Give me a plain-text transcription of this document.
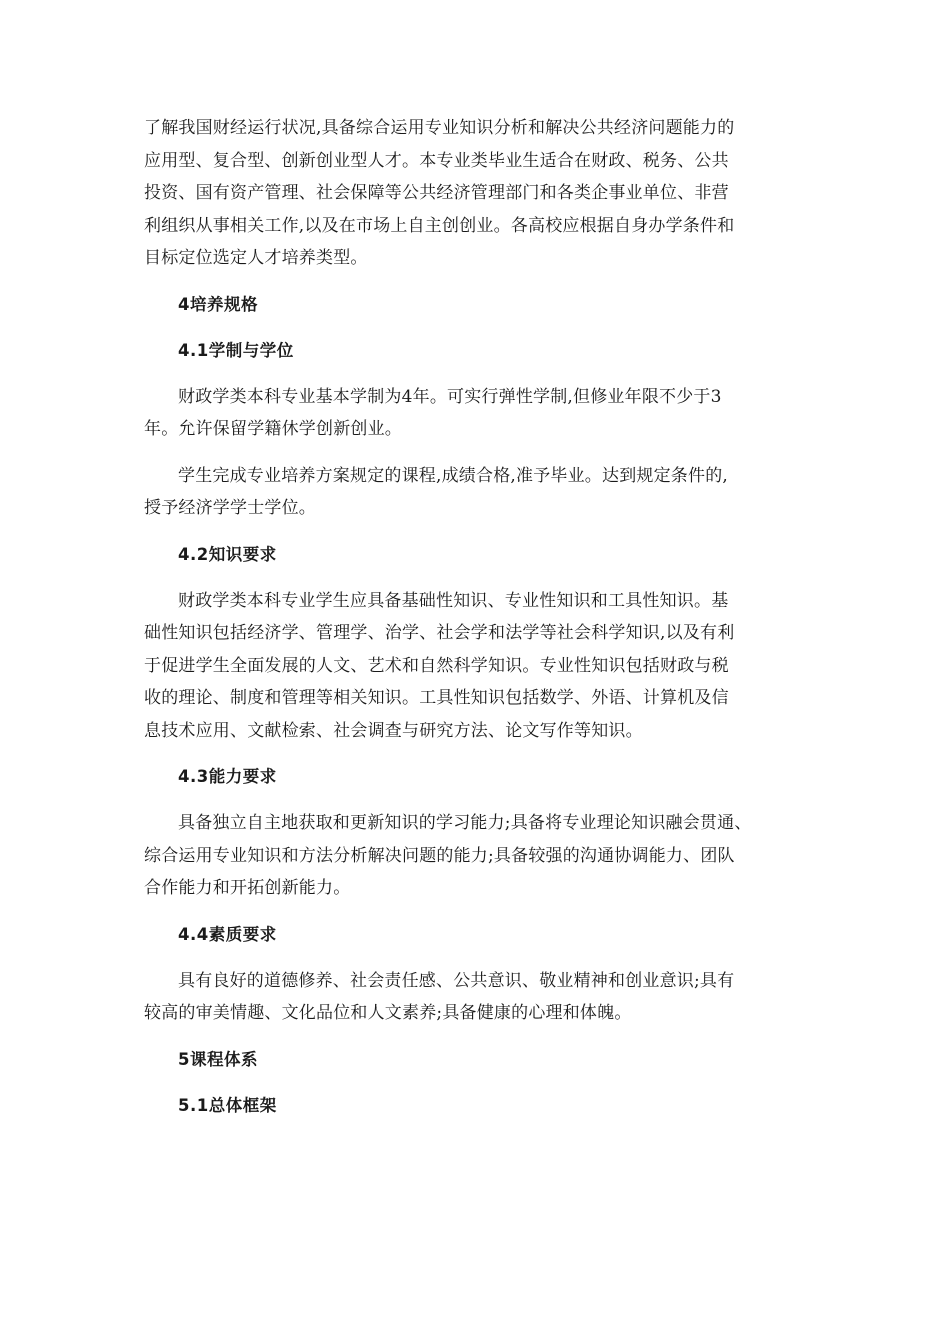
了解我国财经运行状况,具备综合运用专业知识分析和解决公共经济问题能力的
应用型、复合型、创新创业型人才。本专业类毕业生适合在财政、税务、公共
投资、国有资产管理、社会保障等公共经济管理部门和各类企事业单位、非营
利组织从事相关工作,以及在市场上自主创创业。各高校应根据自身办学条件和
目标定位选定人才培养类型。
4培养规格
4.1学制与学位
财政学类本科专业基本学制为4年。可实行弹性学制,但修业年限不少于3
年。允许保留学籍休学创新创业。
学生完成专业培养方案规定的课程,成绩合格,准予毕业。达到规定条件的,
授予经济学学士学位。
4.2知识要求
财政学类本科专业学生应具备基础性知识、专业性知识和工具性知识。基
础性知识包括经济学、管理学、治学、社会学和法学等社会科学知识,以及有利
于促进学生全面发展的人文、艺术和自然科学知识。专业性知识包括财政与税
收的理论、制度和管理等相关知识。工具性知识包括数学、外语、计算机及信
息技术应用、文献检索、社会调查与研究方法、论文写作等知识。
4.3能力要求
具备独立自主地获取和更新知识的学习能力;具备将专业理论知识融会贯通、
综合运用专业知识和方法分析解决问题的能力;具备较强的沟通协调能力、团队
合作能力和开拓创新能力。
4.4素质要求
具有良好的道德修养、社会责任感、公共意识、敬业精神和创业意识;具有
较高的审美情趣、文化品位和人文素养;具备健康的心理和体魄。
5课程体系
5.1总体框架
